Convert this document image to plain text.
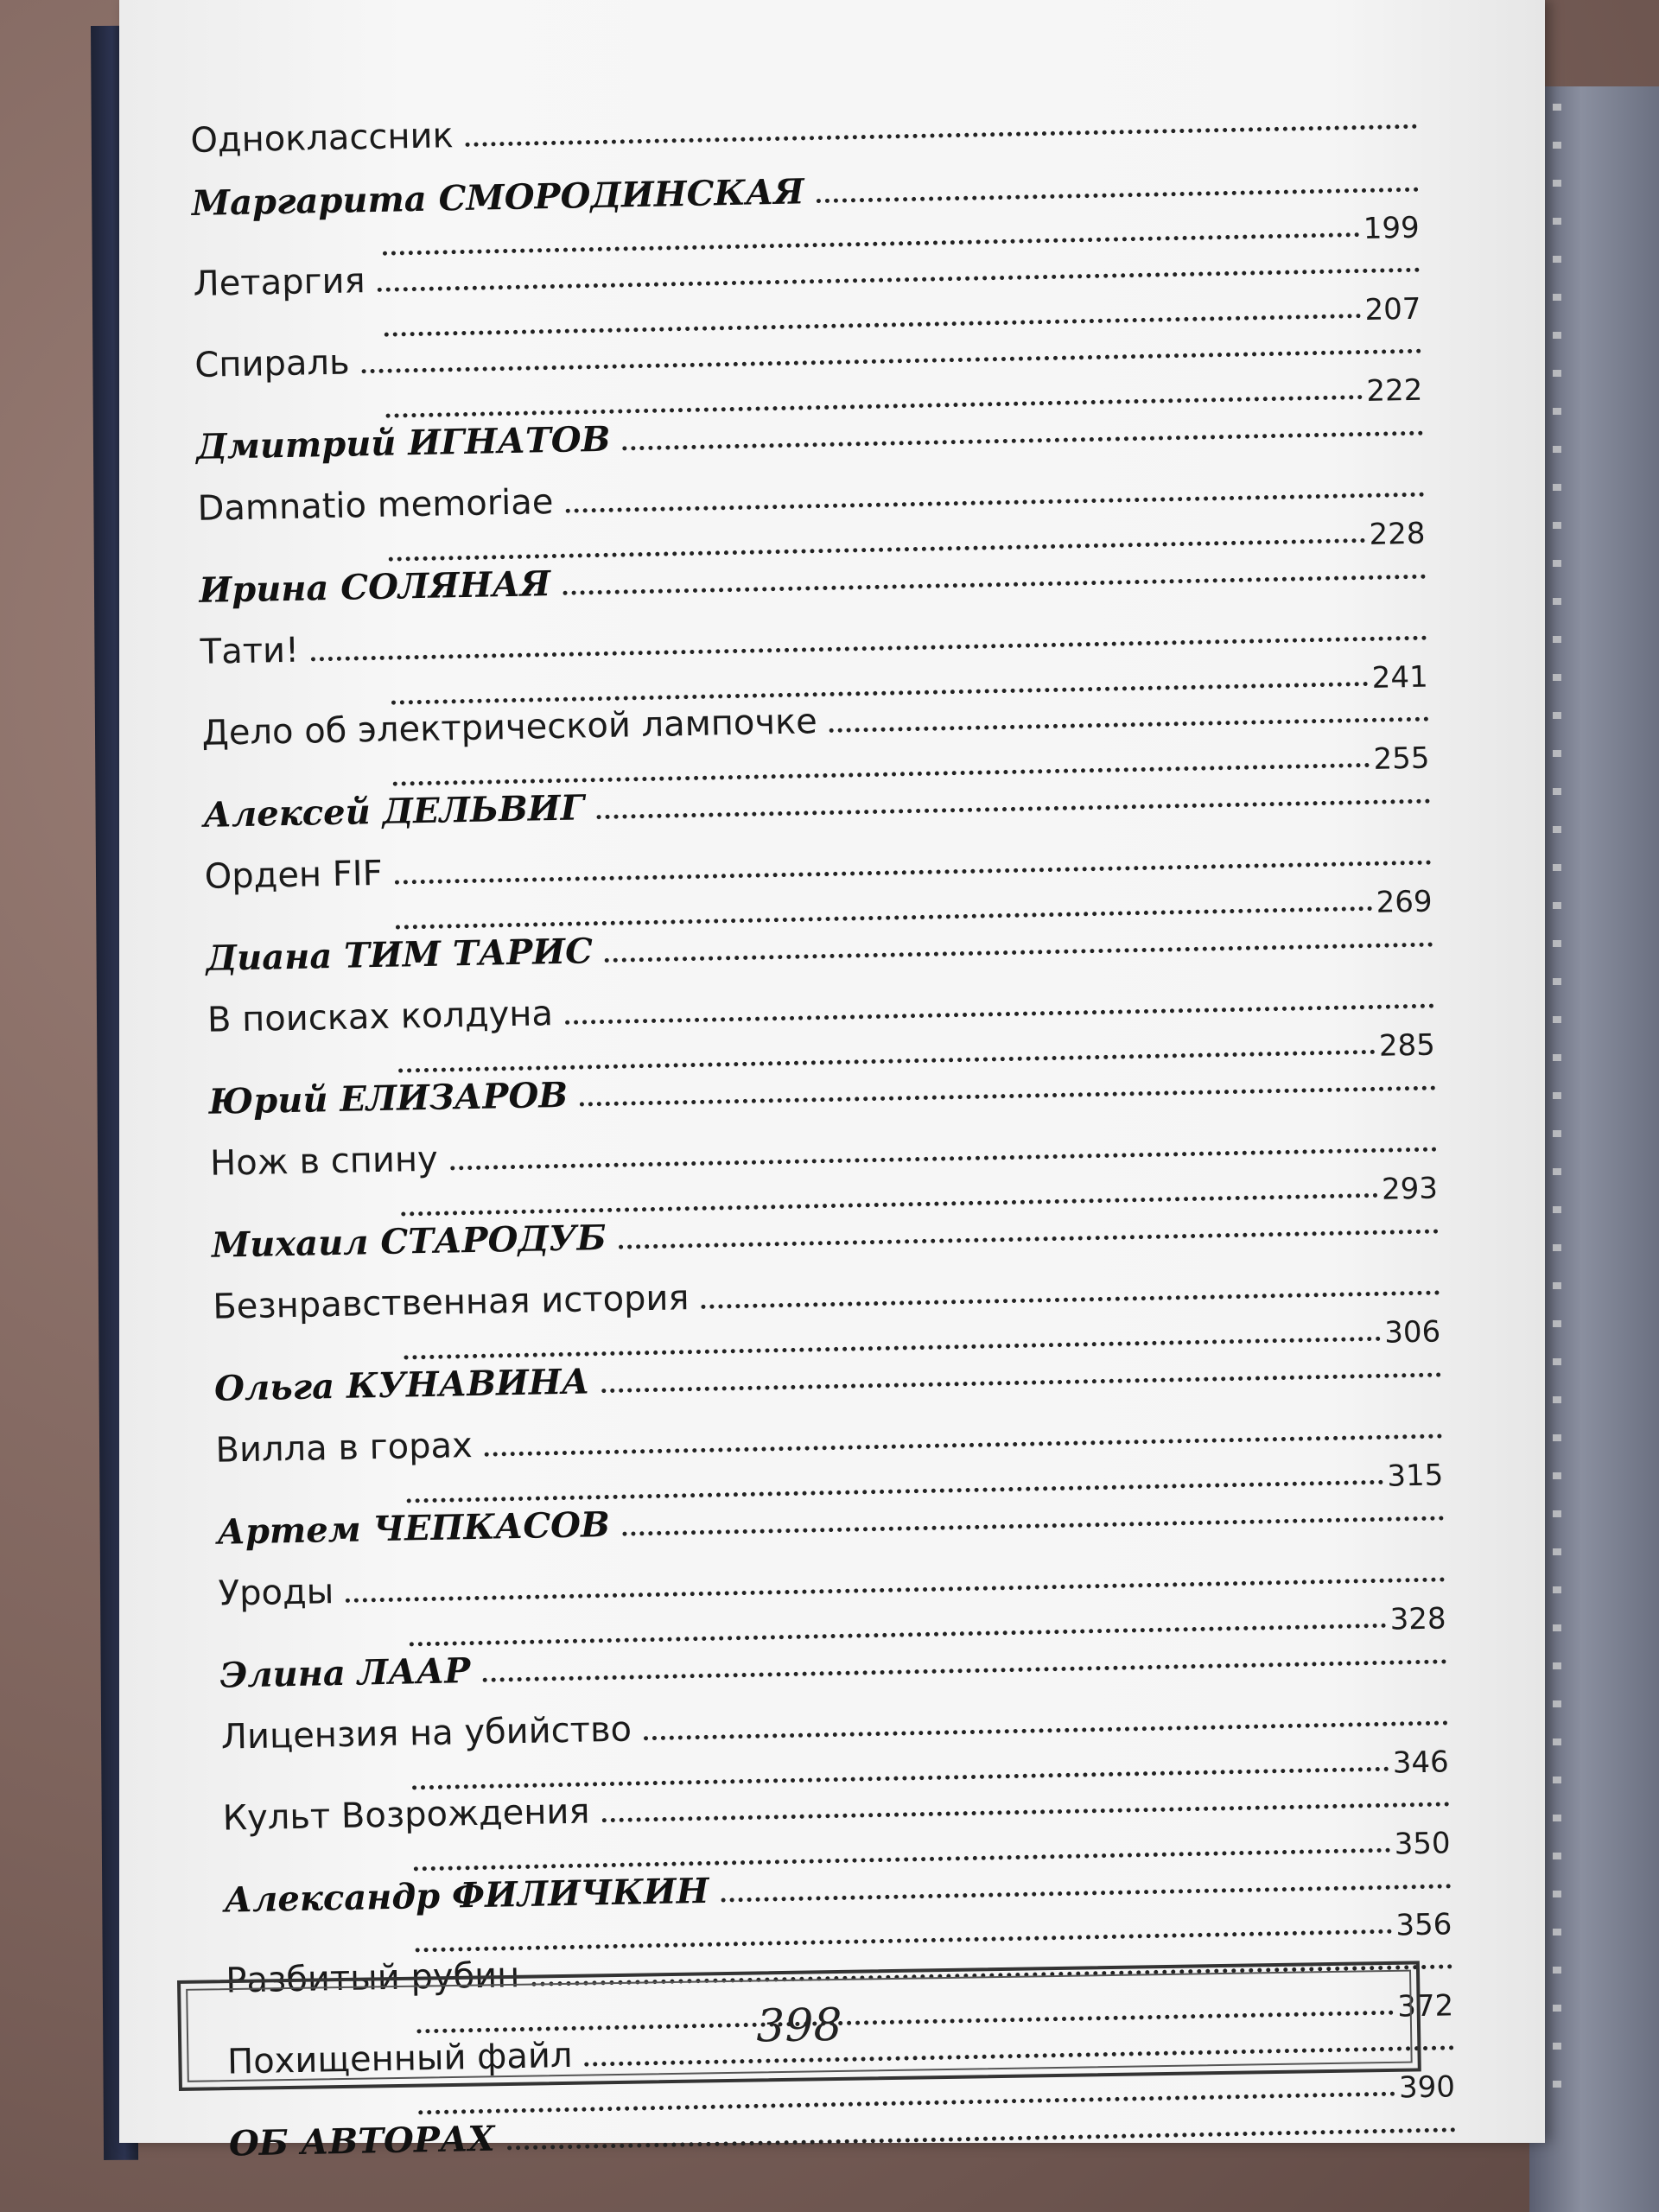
Одноклассник
Маргарита СМОРОДИНСКАЯ
199
Летаргия
207
Спираль
222
Дмитрий ИГНАТОВ
Damnatio memoriae
228
Ирина СОЛЯНАЯ
Тати!
241
Дело об электрической лампочке
255
Алексей ДЕЛЬВИГ
Орден FIF
269
Диана ТИМ ТАРИС
В поисках колдуна
285
Юрий ЕЛИЗАРОВ
Нож в спину
293
Михаил СТАРОДУБ
Безнравственная история
306
Ольга КУНАВИНА
Вилла в горах
315
Артем ЧЕПКАСОВ
Уроды
328
Элина ЛААР
Лицензия на убийство
346
Культ Возрождения
350
Александр ФИЛИЧКИН
356
Разбитый рубин
372
Похищенный файл
390
ОБ АВТОРАХ
398
